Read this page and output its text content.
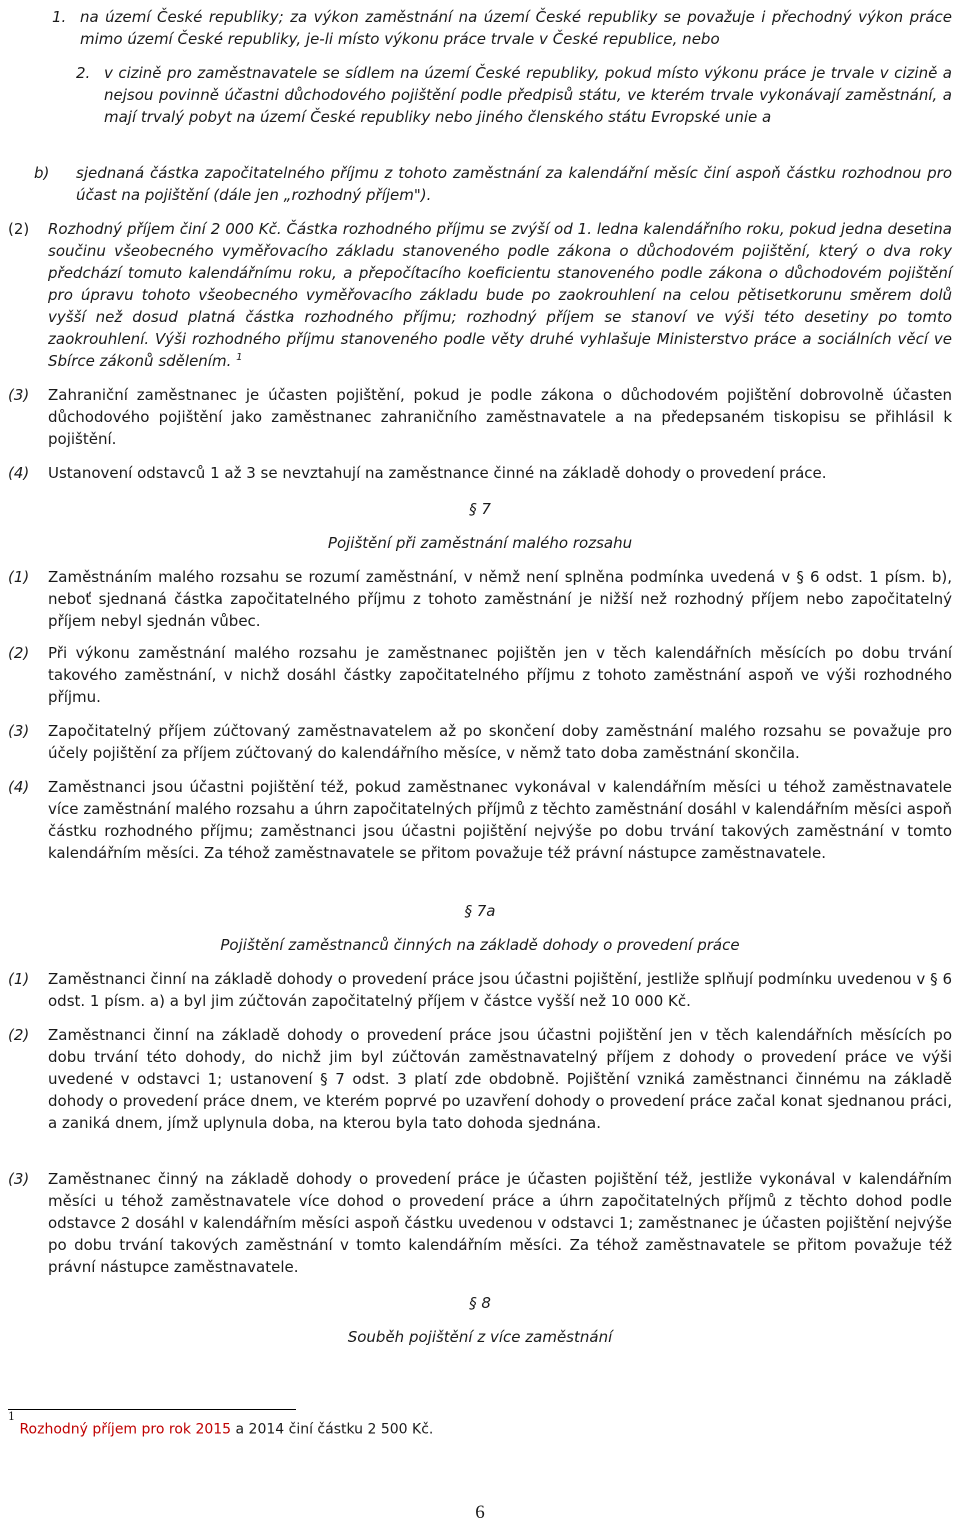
1. na území České republiky; za výkon zaměstnání na území České republiky se považuje i přechodný výkon práce mimo území České republiky, je-li místo výkonu práce trvale v České republice, nebo
2. v cizině pro zaměstnavatele se sídlem na území České republiky, pokud místo výkonu práce je trvale v cizině a nejsou povinně účastni důchodového pojištění podle předpisů státu, ve kterém trvale vykonávají zaměstnání, a mají trvalý pobyt na území České republiky nebo jiného členského státu Evropské unie a
b) sjednaná částka započitatelného příjmu z tohoto zaměstnání za kalendářní měsíc činí aspoň částku rozhodnou pro účast na pojištění (dále jen „rozhodný příjem").
(2) Rozhodný příjem činí 2 000 Kč. Částka rozhodného příjmu se zvýší od 1. ledna kalendářního roku, pokud jedna desetina součinu všeobecného vyměřovacího základu stanoveného podle zákona o důchodovém pojištění, který o dva roky předchází tomuto kalendářnímu roku, a přepočítacího koeficientu stanoveného podle zákona o důchodovém pojištění pro úpravu tohoto všeobecného vyměřovacího základu bude po zaokrouhlení na celou pětisetkorunu směrem dolů vyšší než dosud platná částka rozhodného příjmu; rozhodný příjem se stanoví ve výši této desetiny po tomto zaokrouhlení. Výši rozhodného příjmu stanoveného podle věty druhé vyhlašuje Ministerstvo práce a sociálních věcí ve Sbírce zákonů sdělením. $^1$
(3) Zahraniční zaměstnanec je účasten pojištění, pokud je podle zákona o důchodovém pojištění dobrovolně účasten důchodového pojištění jako zaměstnanec zahraničního zaměstnavatele a na předepsaném tiskopisu se přihlásil k pojištění.
(4) Ustanovení odstavců 1 až 3 se nevztahují na zaměstnance činné na základě dohody o provedení práce.
§ 7
Pojištění při zaměstnání malého rozsahu
(1) Zaměstnáním malého rozsahu se rozumí zaměstnání, v němž není splněna podmínka uvedená v § 6 odst. 1 písm. b), neboť sjednaná částka započitatelného příjmu z tohoto zaměstnání je nižší než rozhodný příjem nebo započitatelný příjem nebyl sjednán vůbec.
(2) Při výkonu zaměstnání malého rozsahu je zaměstnanec pojištěn jen v těch kalendářních měsících po dobu trvání takového zaměstnání, v nichž dosáhl částky započitatelného příjmu z tohoto zaměstnání aspoň ve výši rozhodného příjmu.
(3) Započitatelný příjem zúčtovaný zaměstnavatelem až po skončení doby zaměstnání malého rozsahu se považuje pro účely pojištění za příjem zúčtovaný do kalendářního měsíce, v němž tato doba zaměstnání skončila.
(4) Zaměstnanci jsou účastni pojištění též, pokud zaměstnanec vykonával v kalendářním měsíci u téhož zaměstnavatele více zaměstnání malého rozsahu a úhrn započitatelných příjmů z těchto zaměstnání dosáhl v kalendářním měsíci aspoň částku rozhodného příjmu; zaměstnanci jsou účastni pojištění nejvýše po dobu trvání takových zaměstnání v tomto kalendářním měsíci. Za téhož zaměstnavatele se přitom považuje též právní nástupce zaměstnavatele.
§ 7a
Pojištění zaměstnanců činných na základě dohody o provedení práce
(1) Zaměstnanci činní na základě dohody o provedení práce jsou účastni pojištění, jestliže splňují podmínku uvedenou v § 6 odst. 1 písm. a) a byl jim zúčtován započitatelný příjem v částce vyšší než 10 000 Kč.
(2) Zaměstnanci činní na základě dohody o provedení práce jsou účastni pojištění jen v těch kalendářních měsících po dobu trvání této dohody, do nichž jim byl zúčtován zaměstnavatelný příjem z dohody o provedení práce ve výši uvedené v odstavci 1; ustanovení § 7 odst. 3 platí zde obdobně. Pojištění vzniká zaměstnanci činnému na základě dohody o provedení práce dnem, ve kterém poprvé po uzavření dohody o provedení práce začal konat sjednanou práci, a zaniká dnem, jímž uplynula doba, na kterou byla tato dohoda sjednána.
(3) Zaměstnanec činný na základě dohody o provedení práce je účasten pojištění též, jestliže vykonával v kalendářním měsíci u téhož zaměstnavatele více dohod o provedení práce a úhrn započitatelných příjmů z těchto dohod podle odstavce 2 dosáhl v kalendářním měsíci aspoň částku uvedenou v odstavci 1; zaměstnanec je účasten pojištění nejvýše po dobu trvání takových zaměstnání v tomto kalendářním měsíci. Za téhož zaměstnavatele se přitom považuje též právní nástupce zaměstnavatele.
§ 8
Souběh pojištění z více zaměstnání
$^1$ Rozhodný příjem pro rok 2015 a 2014 činí částku 2 500 Kč.
6
